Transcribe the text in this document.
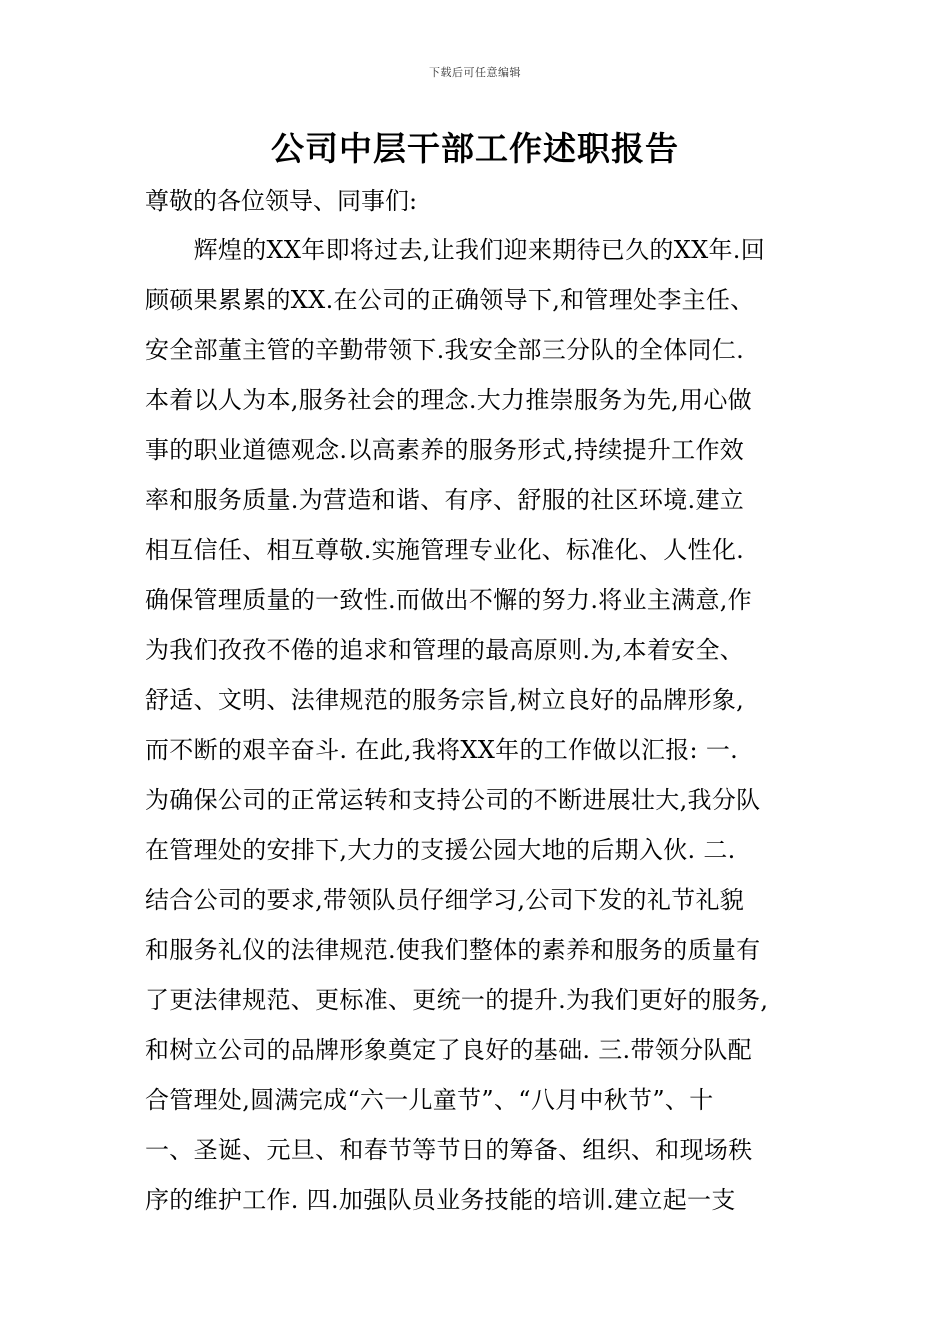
下载后可任意编辑
公司中层干部工作述职报告
尊敬的各位领导、同事们:
　　辉煌的XX年即将过去,让我们迎来期待已久的XX年.回
顾硕果累累的XX.在公司的正确领导下,和管理处李主任、
安全部董主管的辛勤带领下.我安全部三分队的全体同仁.
本着以人为本,服务社会的理念.大力推崇服务为先,用心做
事的职业道德观念.以高素养的服务形式,持续提升工作效
率和服务质量.为营造和谐、有序、舒服的社区环境.建立
相互信任、相互尊敬.实施管理专业化、标准化、人性化.
确保管理质量的一致性.而做出不懈的努力.将业主满意,作
为我们孜孜不倦的追求和管理的最高原则.为,本着安全、
舒适、文明、法律规范的服务宗旨,树立良好的品牌形象,
而不断的艰辛奋斗. 在此,我将XX年的工作做以汇报: 一.
为确保公司的正常运转和支持公司的不断进展壮大,我分队
在管理处的安排下,大力的支援公园大地的后期入伙. 二.
结合公司的要求,带领队员仔细学习,公司下发的礼节礼貌
和服务礼仪的法律规范.使我们整体的素养和服务的质量有
了更法律规范、更标准、更统一的提升.为我们更好的服务,
和树立公司的品牌形象奠定了良好的基础. 三.带领分队配
合管理处,圆满完成“六一儿童节”、“八月中秋节”、十
一、圣诞、元旦、和春节等节日的筹备、组织、和现场秩
序的维护工作. 四.加强队员业务技能的培训.建立起一支
